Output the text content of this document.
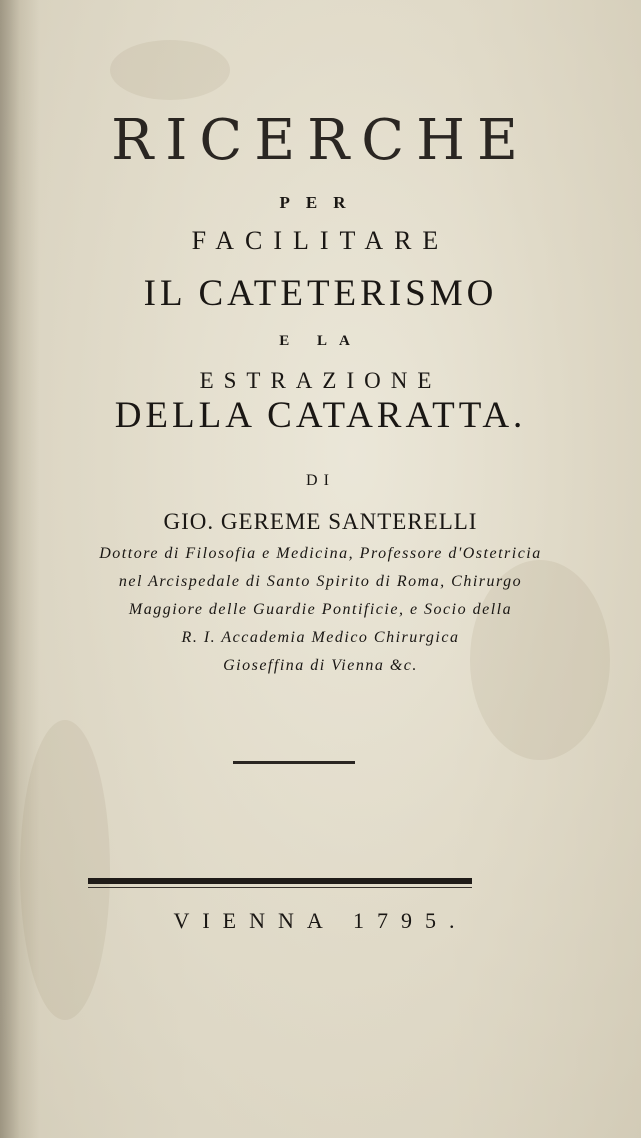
RICERCHE
PER
FACILITARE
IL CATETERISMO
E LA
ESTRAZIONE
DELLA CATARATTA.
DI
GIO. GEREME SANTERELLI
Dottore di Filosofia e Medicina, Professore d'Ostetricia
nel Arcispedale di Santo Spirito di Roma, Chirurgo
Maggiore delle Guardie Pontificie, e Socio della
R. I. Accademia Medico Chirurgica
Gioseffina di Vienna &c.
VIENNA 1795.
